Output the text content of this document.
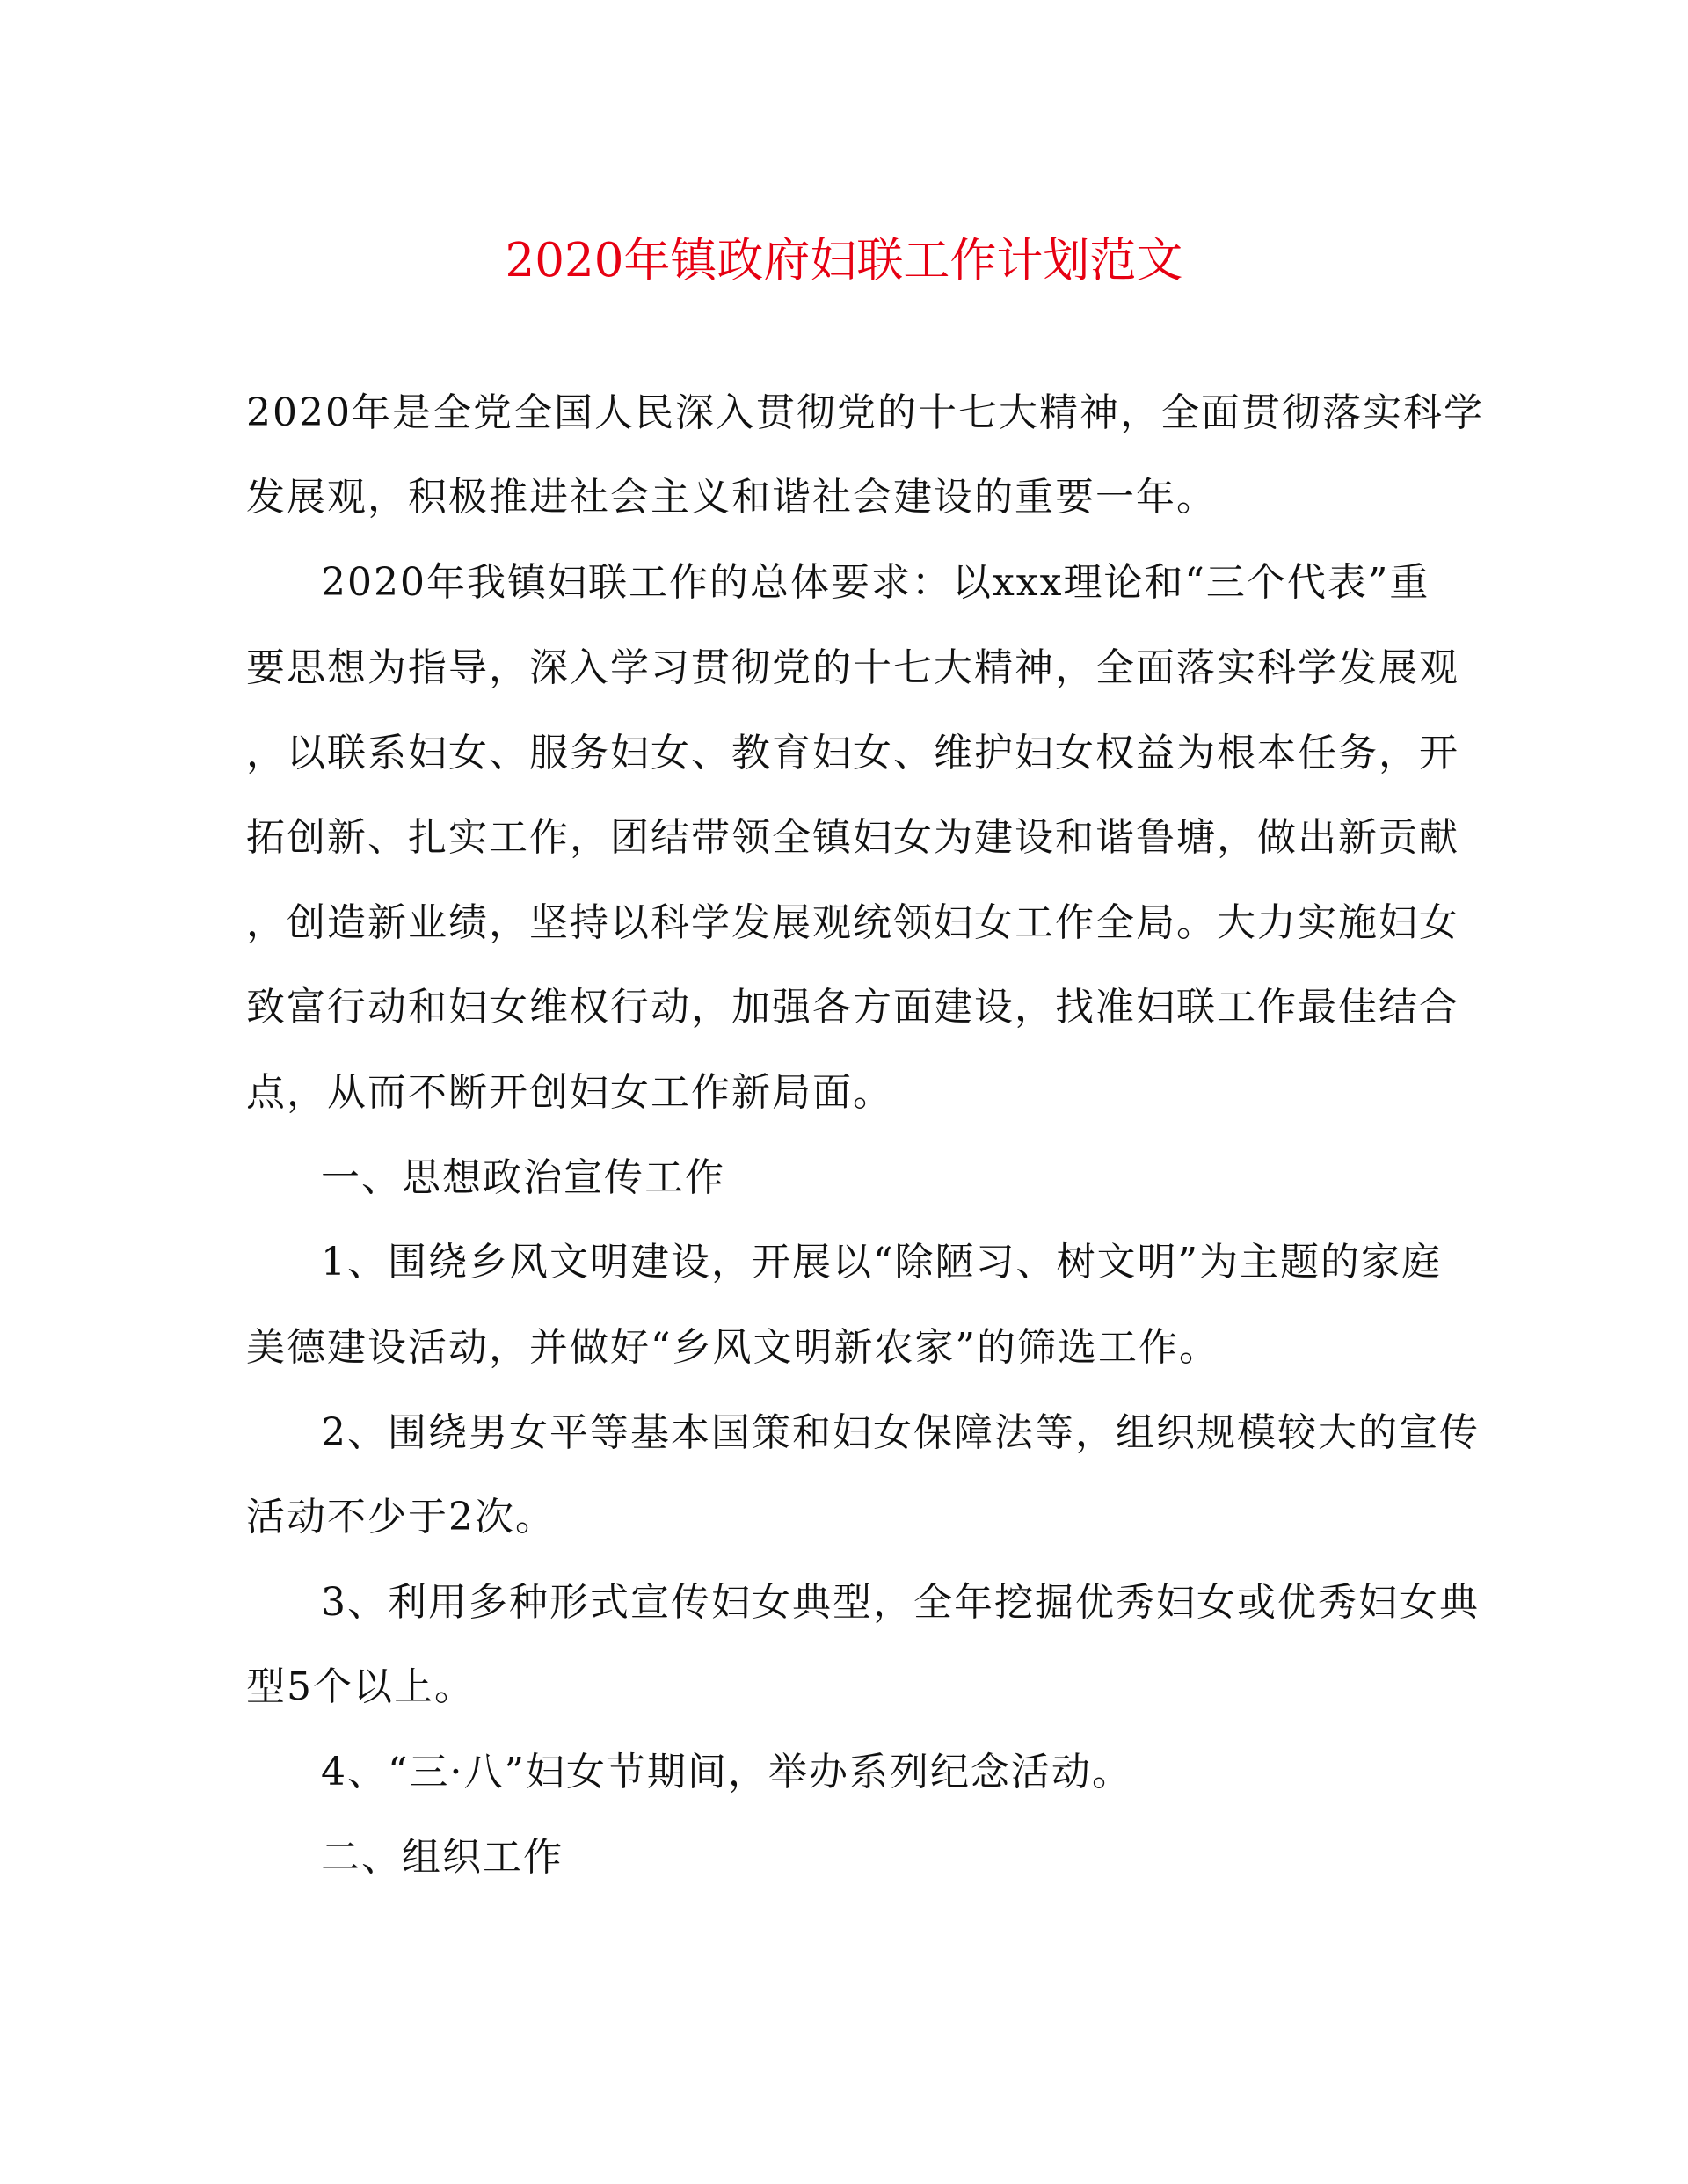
2020年镇政府妇联工作计划范文
2020年是全党全国人民深入贯彻党的十七大精神，全面贯彻落实科学
发展观，积极推进社会主义和谐社会建设的重要一年。
2020年我镇妇联工作的总体要求：以xxx理论和“三个代表”重
要思想为指导，深入学习贯彻党的十七大精神，全面落实科学发展观
，以联系妇女、服务妇女、教育妇女、维护妇女权益为根本任务，开
拓创新、扎实工作，团结带领全镇妇女为建设和谐鲁塘，做出新贡献
，创造新业绩，坚持以科学发展观统领妇女工作全局。大力实施妇女
致富行动和妇女维权行动，加强各方面建设，找准妇联工作最佳结合
点，从而不断开创妇女工作新局面。
一、思想政治宣传工作
1、围绕乡风文明建设，开展以“除陋习、树文明”为主题的家庭
美德建设活动，并做好“乡风文明新农家”的筛选工作。
2、围绕男女平等基本国策和妇女保障法等，组织规模较大的宣传
活动不少于2次。
3、利用多种形式宣传妇女典型，全年挖掘优秀妇女或优秀妇女典
型5个以上。
4、“三·八”妇女节期间，举办系列纪念活动。
二、组织工作
